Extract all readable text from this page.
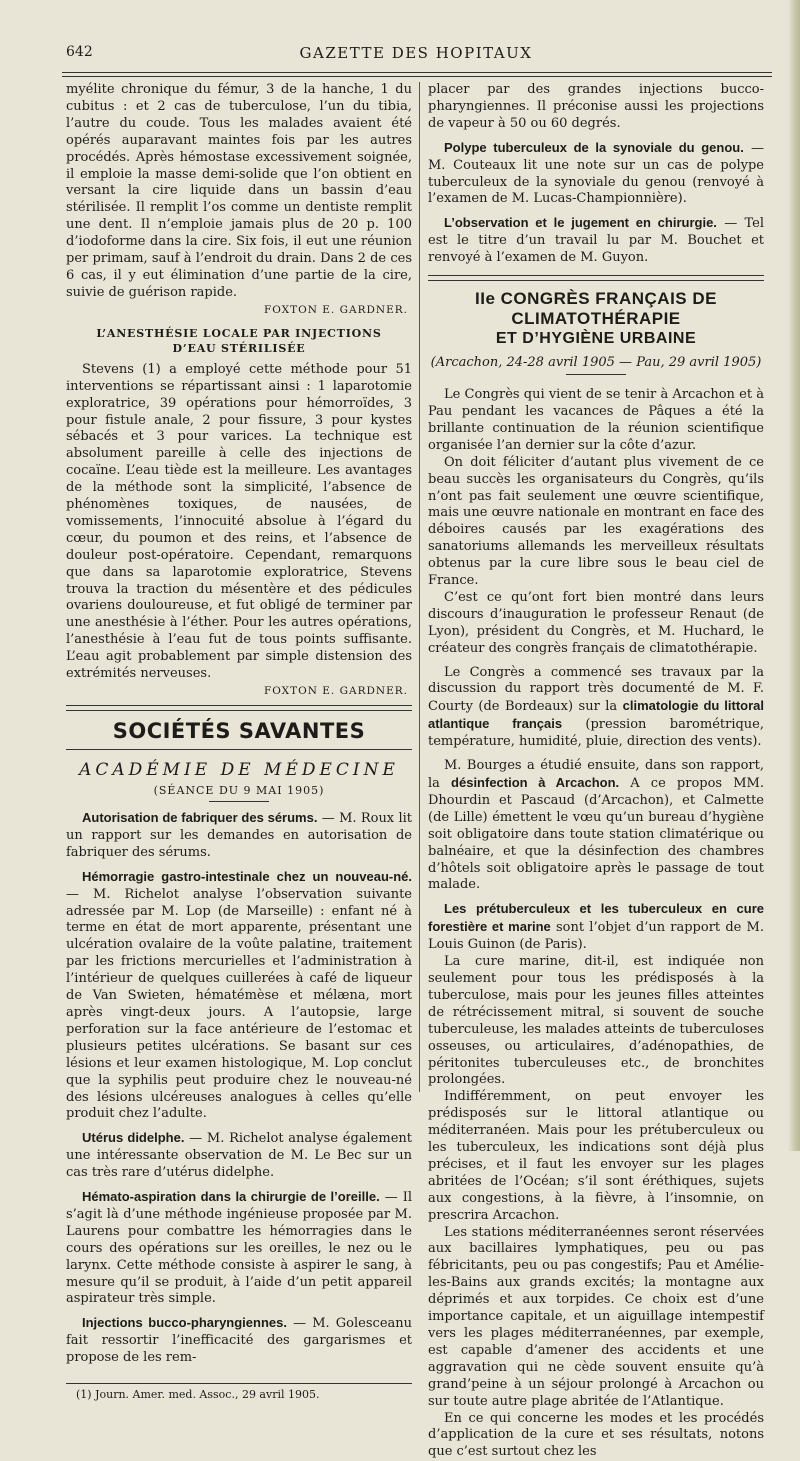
642	GAZETTE DES HOPITAUX

myélite chronique du fémur, 3 de la hanche, 1 du cubitus : et 2 cas de tuberculose, l’un du tibia, l’autre du coude. Tous les malades avaient été opérés auparavant maintes fois par les autres procédés. Après hémostase excessivement soignée, il emploie la masse demi-solide que l’on obtient en versant la cire liquide dans un bassin d’eau stérilisée. Il remplit l’os comme un dentiste remplit une dent. Il n’emploie jamais plus de 20 p. 100 d’iodoforme dans la cire. Six fois, il eut une réunion per primam, sauf à l’endroit du drain. Dans 2 de ces 6 cas, il y eut élimination d’une partie de la cire, suivie de guérison rapide.

FOXTON E. GARDNER.
L’ANESTHÉSIE LOCALE PAR INJECTIONS
D’EAU STÉRILISÉE

Stevens (1) a employé cette méthode pour 51 interventions se répartissant ainsi : 1 laparotomie exploratrice, 39 opérations pour hémorroïdes, 3 pour fistule anale, 2 pour fissure, 3 pour kystes sébacés et 3 pour varices. La technique est absolument pareille à celle des injections de cocaïne. L’eau tiède est la meilleure. Les avantages de la méthode sont la simplicité, l’absence de phénomènes toxiques, de nausées, de vomissements, l’innocuité absolue à l’égard du cœur, du poumon et des reins, et l’absence de douleur post-opératoire. Cependant, remarquons que dans sa laparotomie exploratrice, Stevens trouva la traction du mésentère et des pédicules ovariens douloureuse, et fut obligé de terminer par une anesthésie à l’éther. Pour les autres opérations, l’anesthésie à l’eau fut de tous points suffisante. L’eau agit probablement par simple distension des extrémités nerveuses.

FOXTON E. GARDNER.
SOCIÉTÉS SAVANTES
ACADÉMIE DE MÉDECINE
(SÉANCE DU 9 MAI 1905)

Autorisation de fabriquer des sérums. — M. Roux lit un rapport sur les demandes en autorisation de fabriquer des sérums.

Hémorragie gastro-intestinale chez un nouveau-né. — M. Richelot analyse l’observation suivante adressée par M. Lop (de Marseille) : enfant né à terme en état de mort apparente, présentant une ulcération ovalaire de la voûte palatine, traitement par les frictions mercurielles et l’administration à l’intérieur de quelques cuillerées à café de liqueur de Van Swieten, hématémèse et mélæna, mort après vingt-deux jours. A l’autopsie, large perforation sur la face antérieure de l’estomac et plusieurs petites ulcérations. Se basant sur ces lésions et leur examen histologique, M. Lop conclut que la syphilis peut produire chez le nouveau-né des lésions ulcéreuses analogues à celles qu’elle produit chez l’adulte.

Utérus didelphe. — M. Richelot analyse également une intéressante observation de M. Le Bec sur un cas très rare d’utérus didelphe.

Hémato-aspiration dans la chirurgie de l’oreille. — Il s’agit là d’une méthode ingénieuse proposée par M. Laurens pour combattre les hémorragies dans le cours des opérations sur les oreilles, le nez ou le larynx. Cette méthode consiste à aspirer le sang, à mesure qu’il se produit, à l’aide d’un petit appareil aspirateur très simple.

Injections bucco-pharyngiennes. — M. Golesceanu fait ressortir l’inefficacité des gargarismes et propose de les rem-

(1) Journ. Amer. med. Assoc., 29 avril 1905.

placer par des grandes injections bucco-pharyngiennes. Il préconise aussi les projections de vapeur à 50 ou 60 degrés.

Polype tuberculeux de la synoviale du genou. — M. Couteaux lit une note sur un cas de polype tuberculeux de la synoviale du genou (renvoyé à l’examen de M. Lucas-Championnière).

L’observation et le jugement en chirurgie. — Tel est le titre d’un travail lu par M. Bouchet et renvoyé à l’examen de M. Guyon.

IIe CONGRÈS FRANÇAIS DE CLIMATOTHÉRAPIE
ET D’HYGIÈNE URBAINE
(Arcachon, 24-28 avril 1905 — Pau, 29 avril 1905)

Le Congrès qui vient de se tenir à Arcachon et à Pau pendant les vacances de Pâques a été la brillante continuation de la réunion scientifique organisée l’an dernier sur la côte d’azur.

On doit féliciter d’autant plus vivement de ce beau succès les organisateurs du Congrès, qu’ils n’ont pas fait seulement une œuvre scientifique, mais une œuvre nationale en montrant en face des déboires causés par les exagérations des sanatoriums allemands les merveilleux résultats obtenus par la cure libre sous le beau ciel de France.

C’est ce qu’ont fort bien montré dans leurs discours d’inauguration le professeur Renaut (de Lyon), président du Congrès, et M. Huchard, le créateur des congrès français de climatothérapie.

Le Congrès a commencé ses travaux par la discussion du rapport très documenté de M. F. Courty (de Bordeaux) sur la climatologie du littoral atlantique français (pression barométrique, température, humidité, pluie, direction des vents).

M. Bourges a étudié ensuite, dans son rapport, la désinfection à Arcachon. A ce propos MM. Dhourdin et Pascaud (d’Arcachon), et Calmette (de Lille) émettent le vœu qu’un bureau d’hygiène soit obligatoire dans toute station climatérique ou balnéaire, et que la désinfection des chambres d’hôtels soit obligatoire après le passage de tout malade.

Les prétuberculeux et les tuberculeux en cure forestière et marine sont l’objet d’un rapport de M. Louis Guinon (de Paris).

La cure marine, dit-il, est indiquée non seulement pour tous les prédisposés à la tuberculose, mais pour les jeunes filles atteintes de rétrécissement mitral, si souvent de souche tuberculeuse, les malades atteints de tuberculoses osseuses, ou articulaires, d’adénopathies, de péritonites tuberculeuses etc., de bronchites prolongées.

Indifféremment, on peut envoyer les prédisposés sur le littoral atlantique ou méditerranéen. Mais pour les prétuberculeux ou les tuberculeux, les indications sont déjà plus précises, et il faut les envoyer sur les plages abritées de l’Océan; s’il sont éréthiques, sujets aux congestions, à la fièvre, à l’insomnie, on prescrira Arcachon.

Les stations méditerranéennes seront réservées aux bacillaires lymphatiques, peu ou pas fébricitants, peu ou pas congestifs; Pau et Amélie-les-Bains aux grands excités; la montagne aux déprimés et aux torpides. Ce choix est d’une importance capitale, et un aiguillage intempestif vers les plages méditerranéennes, par exemple, est capable d’amener des accidents et une aggravation qui ne cède souvent ensuite qu’à grand’peine à un séjour prolongé à Arcachon ou sur toute autre plage abritée de l’Atlantique.

En ce qui concerne les modes et les procédés d’application de la cure et ses résultats, notons que c’est surtout chez les
